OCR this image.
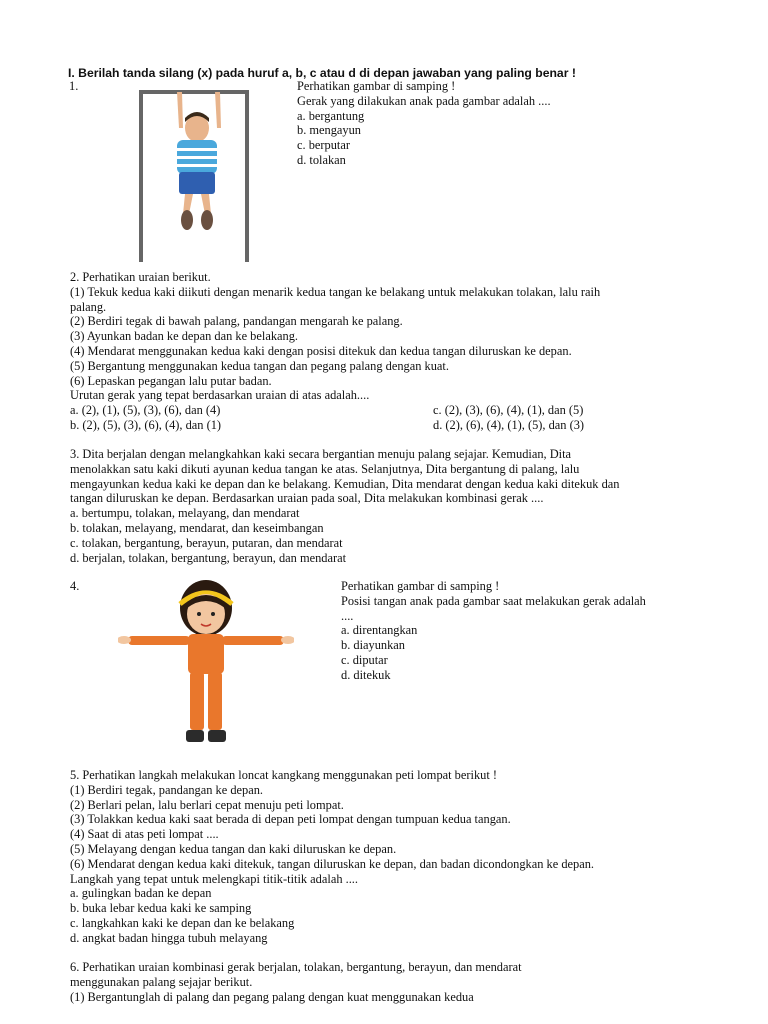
I. Berilah tanda silang (x) pada huruf a, b, c atau d di depan jawaban yang paling benar !
1.	Perhatikan gambar di samping !
Gerak yang dilakukan anak pada gambar adalah ....
a. bergantung
b. mengayun
c. berputar
d. tolakan
2. Perhatikan uraian berikut.
(1) Tekuk kedua kaki diikuti dengan menarik kedua tangan ke belakang untuk melakukan tolakan, lalu raih
palang.
(2) Berdiri tegak di bawah palang, pandangan mengarah ke palang.
(3) Ayunkan badan ke depan dan ke belakang.
(4) Mendarat menggunakan kedua kaki dengan posisi ditekuk dan kedua tangan diluruskan ke depan.
(5) Bergantung menggunakan kedua tangan dan pegang palang dengan kuat.
(6) Lepaskan pegangan lalu putar badan.
Urutan gerak yang tepat berdasarkan uraian di atas adalah....
a. (2), (1), (5), (3), (6), dan (4)
b. (2), (5), (3), (6), (4), dan (1)
c. (2), (3), (6), (4), (1), dan (5)
d. (2), (6), (4), (1), (5), dan (3)
3. Dita berjalan dengan melangkahkan kaki secara bergantian menuju palang sejajar. Kemudian, Dita
menolakkan satu kaki dikuti ayunan kedua tangan ke atas. Selanjutnya, Dita bergantung di palang, lalu
mengayunkan kedua kaki ke depan dan ke belakang. Kemudian, Dita mendarat dengan kedua kaki ditekuk dan
tangan diluruskan ke depan. Berdasarkan uraian pada soal, Dita melakukan kombinasi gerak ....
a. bertumpu, tolakan, melayang, dan mendarat
b. tolakan, melayang, mendarat, dan keseimbangan
c. tolakan, bergantung, berayun, putaran, dan mendarat
d. berjalan, tolakan, bergantung, berayun, dan mendarat
4.	Perhatikan gambar di samping !
Posisi tangan anak pada gambar saat melakukan gerak adalah
....
a. direntangkan
b. diayunkan
c. diputar
d. ditekuk
5. Perhatikan langkah melakukan loncat kangkang menggunakan peti lompat berikut !
(1) Berdiri tegak, pandangan ke depan.
(2) Berlari pelan, lalu berlari cepat menuju peti lompat.
(3) Tolakkan kedua kaki saat berada di depan peti lompat dengan tumpuan kedua tangan.
(4) Saat di atas peti lompat ....
(5) Melayang dengan kedua tangan dan kaki diluruskan ke depan.
(6) Mendarat dengan kedua kaki ditekuk, tangan diluruskan ke depan, dan badan dicondongkan ke depan.
Langkah yang tepat untuk melengkapi titik-titik adalah ....
a. gulingkan badan ke depan
b. buka lebar kedua kaki ke samping
c. langkahkan kaki ke depan dan ke belakang
d. angkat badan hingga tubuh melayang
6. Perhatikan uraian kombinasi gerak berjalan, tolakan, bergantung, berayun, dan mendarat
menggunakan palang sejajar berikut.
(1) Bergantunglah di palang dan pegang palang dengan kuat menggunakan kedua
